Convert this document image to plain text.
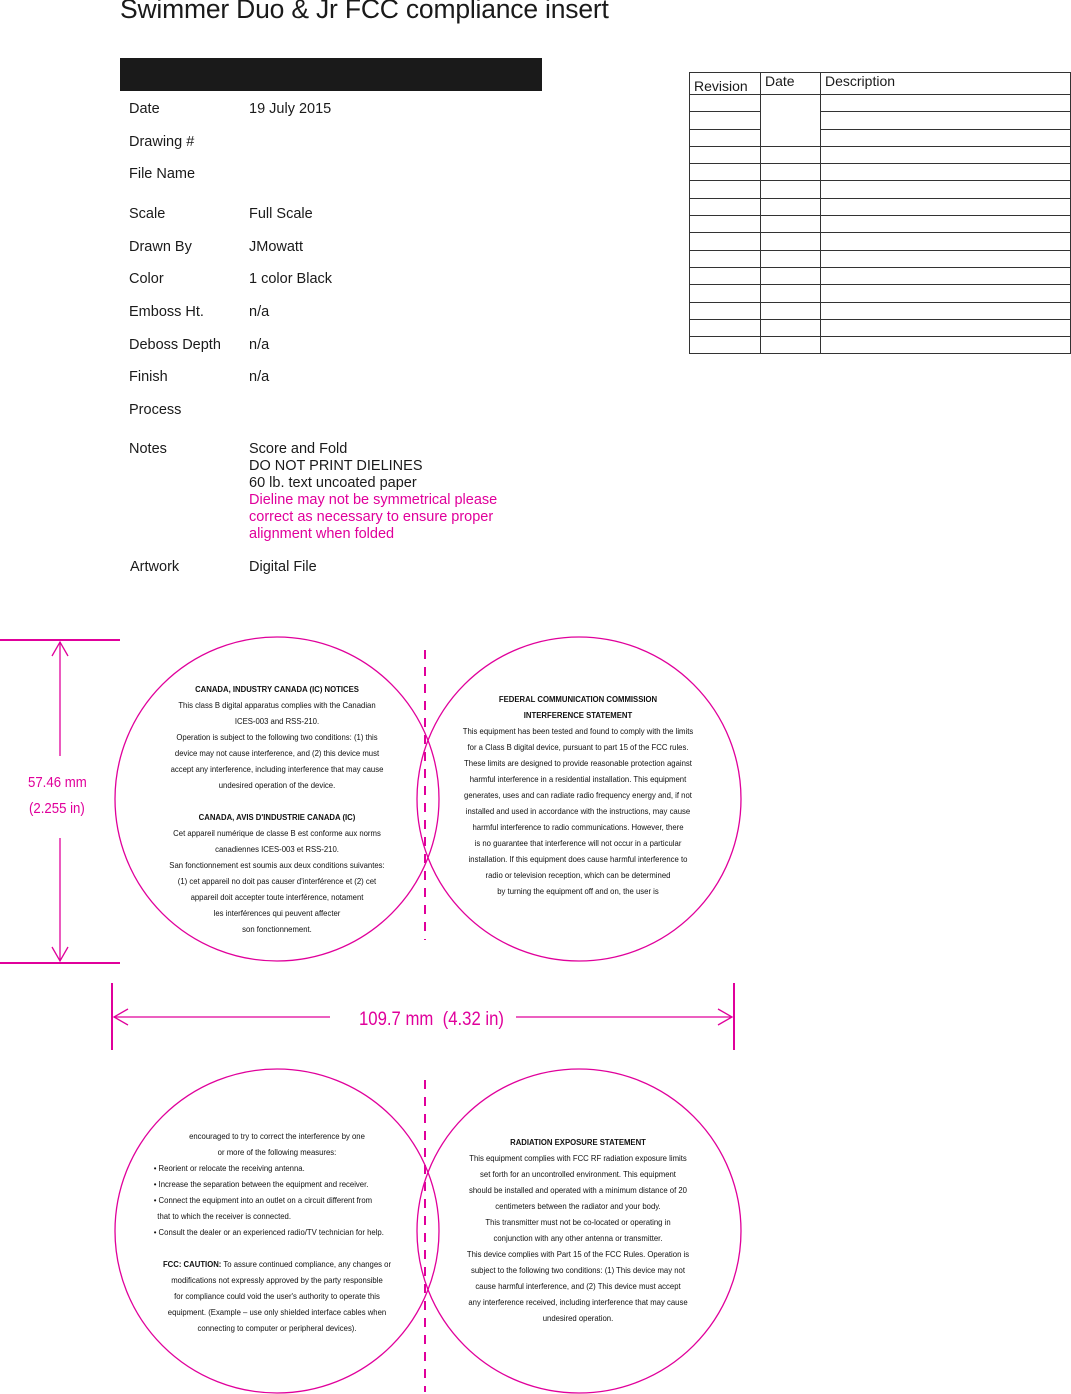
Swimmer Duo & Jr FCC compliance insert
Date	19 July 2015
Drawing #
File Name
Scale	Full Scale
Drawn By	JMowatt
Color	1 color Black
Emboss Ht.	n/a
Deboss Depth n/a
Finish	n/a
Process
Notes	Score and Fold
DO NOT PRINT DIELINES
60 lb. text uncoated paper
Dieline may not be symmetrical please
correct as necessary to ensure proper
alignment when folded
Artwork	Digital File
Revision	Date	Description

57.46 mm
(2.255 in)
109.7 mm (4.32 in)
CANADA, INDUSTRY CANADA (IC) NOTICES
This class B digital apparatus complies with the Canadian
ICES-003 and RSS-210.
Operation is subject to the following two conditions: (1) this
device may not cause interference, and (2) this device must
accept any interference, including interference that may cause
undesired operation of the device.
CANADA, AVIS D'INDUSTRIE CANADA (IC)
Cet appareil numérique de classe B est conforme aux norms
canadiennes ICES-003 et RSS-210.
San fonctionnement est soumis aux deux conditions suivantes:
(1) cet appareil no doit pas causer d'interférence et (2) cet
appareil doit accepter toute interférence, notament
les interférences qui peuvent affecter
son fonctionnement.
FEDERAL COMMUNICATION COMMISSION
INTERFERENCE STATEMENT
This equipment has been tested and found to comply with the limits
for a Class B digital device, pursuant to part 15 of the FCC rules.
These limits are designed to provide reasonable protection against
harmful interference in a residential installation. This equipment
generates, uses and can radiate radio frequency energy and, if not
installed and used in accordance with the instructions, may cause
harmful interference to radio communications. However, there
is no guarantee that interference will not occur in a particular
installation. If this equipment does cause harmful interference to
radio or television reception, which can be determined
by turning the equipment off and on, the user is
encouraged to try to correct the interference by one
or more of the following measures:
• Reorient or relocate the receiving antenna.
• Increase the separation between the equipment and receiver.
• Connect the equipment into an outlet on a circuit different from
that to which the receiver is connected.
• Consult the dealer or an experienced radio/TV technician for help.
FCC: CAUTION: To assure continued compliance, any changes or
modifications not expressly approved by the party responsible
for compliance could void the user's authority to operate this
equipment. (Example – use only shielded interface cables when
connecting to computer or peripheral devices).
RADIATION EXPOSURE STATEMENT
This equipment complies with FCC RF radiation exposure limits
set forth for an uncontrolled environment. This equipment
should be installed and operated with a minimum distance of 20
centimeters between the radiator and your body.
This transmitter must not be co-located or operating in
conjunction with any other antenna or transmitter.
This device complies with Part 15 of the FCC Rules. Operation is
subject to the following two conditions: (1) This device may not
cause harmful interference, and (2) This device must accept
any interference received, including interference that may cause
undesired operation.
